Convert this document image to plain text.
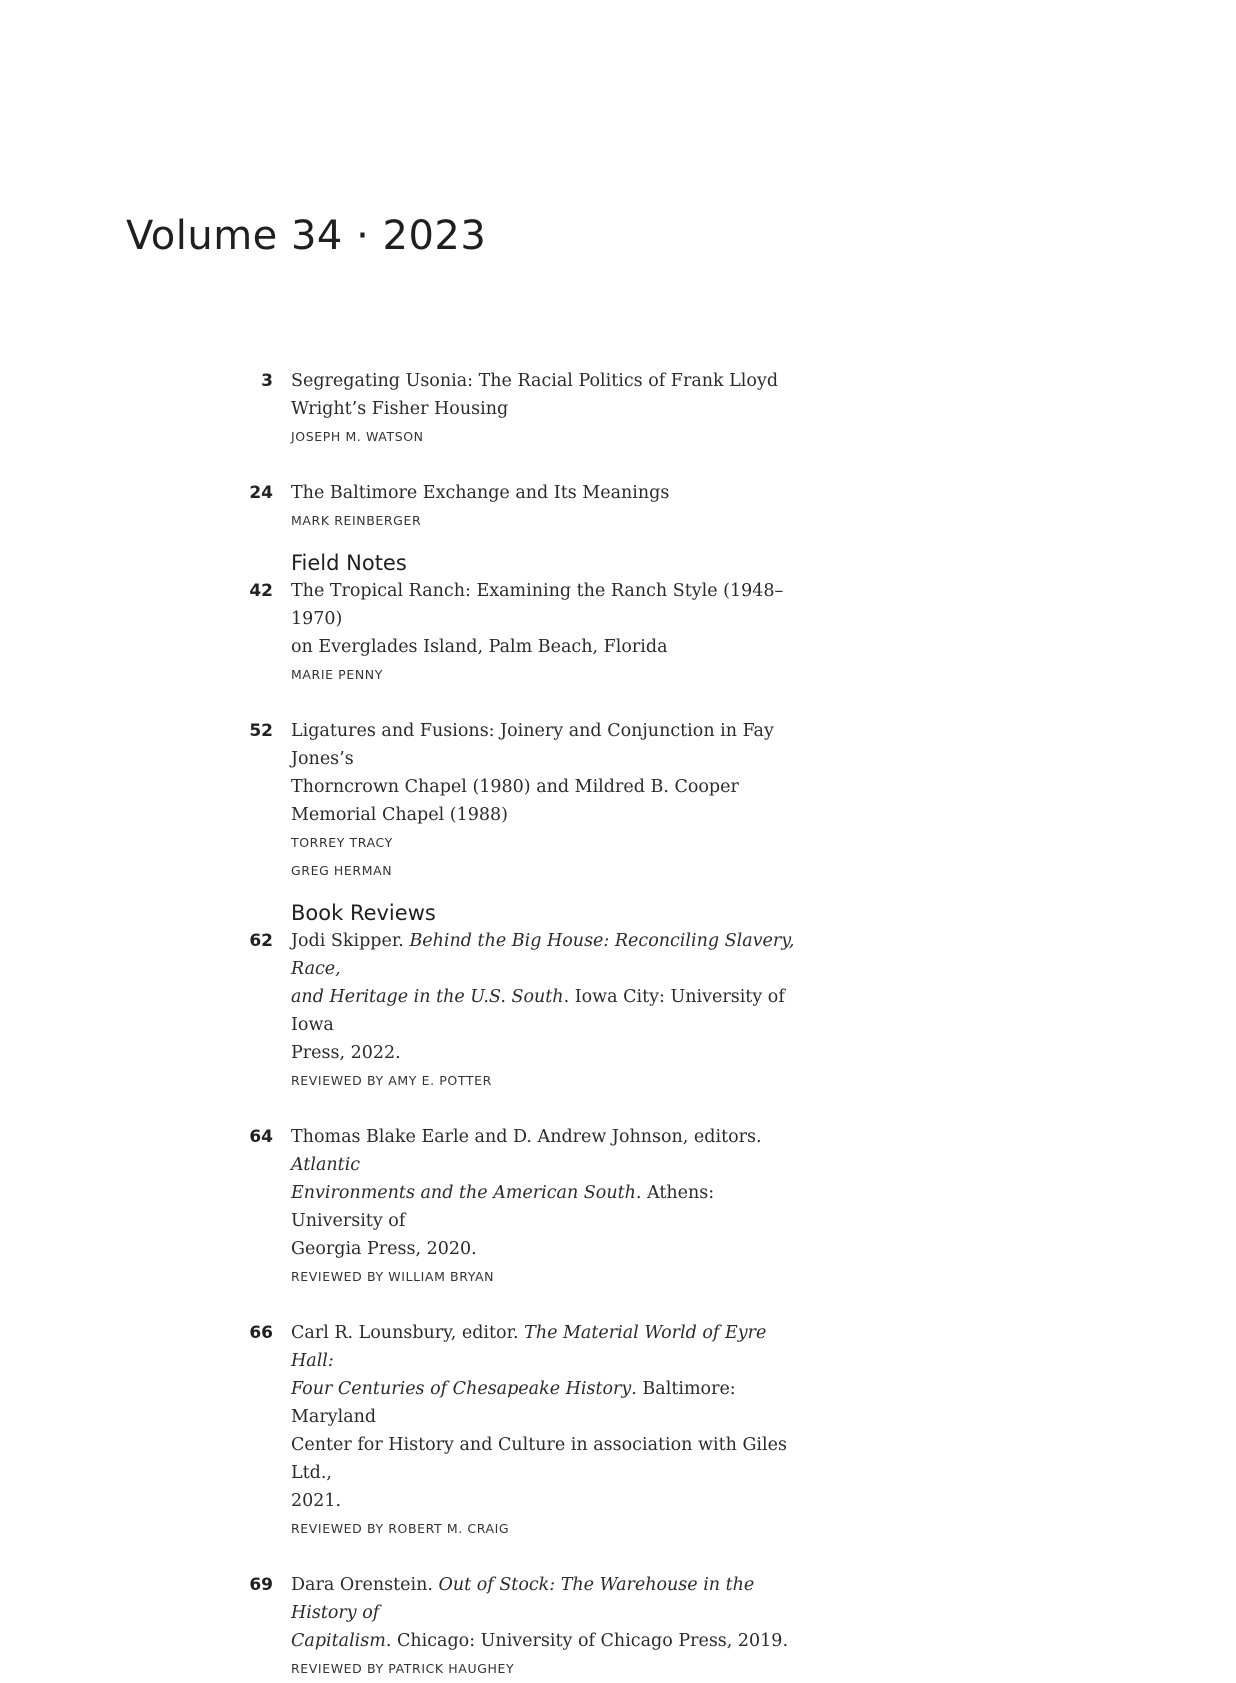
Volume 34 · 2023
3	Segregating Usonia: The Racial Politics of Frank Lloyd
Wright’s Fisher Housing
JOSEPH M. WATSON
24	The Baltimore Exchange and Its Meanings
MARK REINBERGER
Field Notes
42	The Tropical Ranch: Examining the Ranch Style (1948–1970)
on Everglades Island, Palm Beach, Florida
MARIE PENNY
52	Ligatures and Fusions: Joinery and Conjunction in Fay Jones’s
Thorncrown Chapel (1980) and Mildred B. Cooper
Memorial Chapel (1988)
TORREY TRACY
GREG HERMAN
Book Reviews
62	Jodi Skipper. Behind the Big House: Reconciling Slavery, Race,
and Heritage in the U.S. South. Iowa City: University of Iowa
Press, 2022.
REVIEWED BY AMY E. POTTER
64	Thomas Blake Earle and D. Andrew Johnson, editors. Atlantic
Environments and the American South. Athens: University of
Georgia Press, 2020.
REVIEWED BY WILLIAM BRYAN
66	Carl R. Lounsbury, editor. The Material World of Eyre Hall:
Four Centuries of Chesapeake History. Baltimore: Maryland
Center for History and Culture in association with Giles Ltd.,
2021.
REVIEWED BY ROBERT M. CRAIG
69	Dara Orenstein. Out of Stock: The Warehouse in the History of
Capitalism. Chicago: University of Chicago Press, 2019.
REVIEWED BY PATRICK HAUGHEY
